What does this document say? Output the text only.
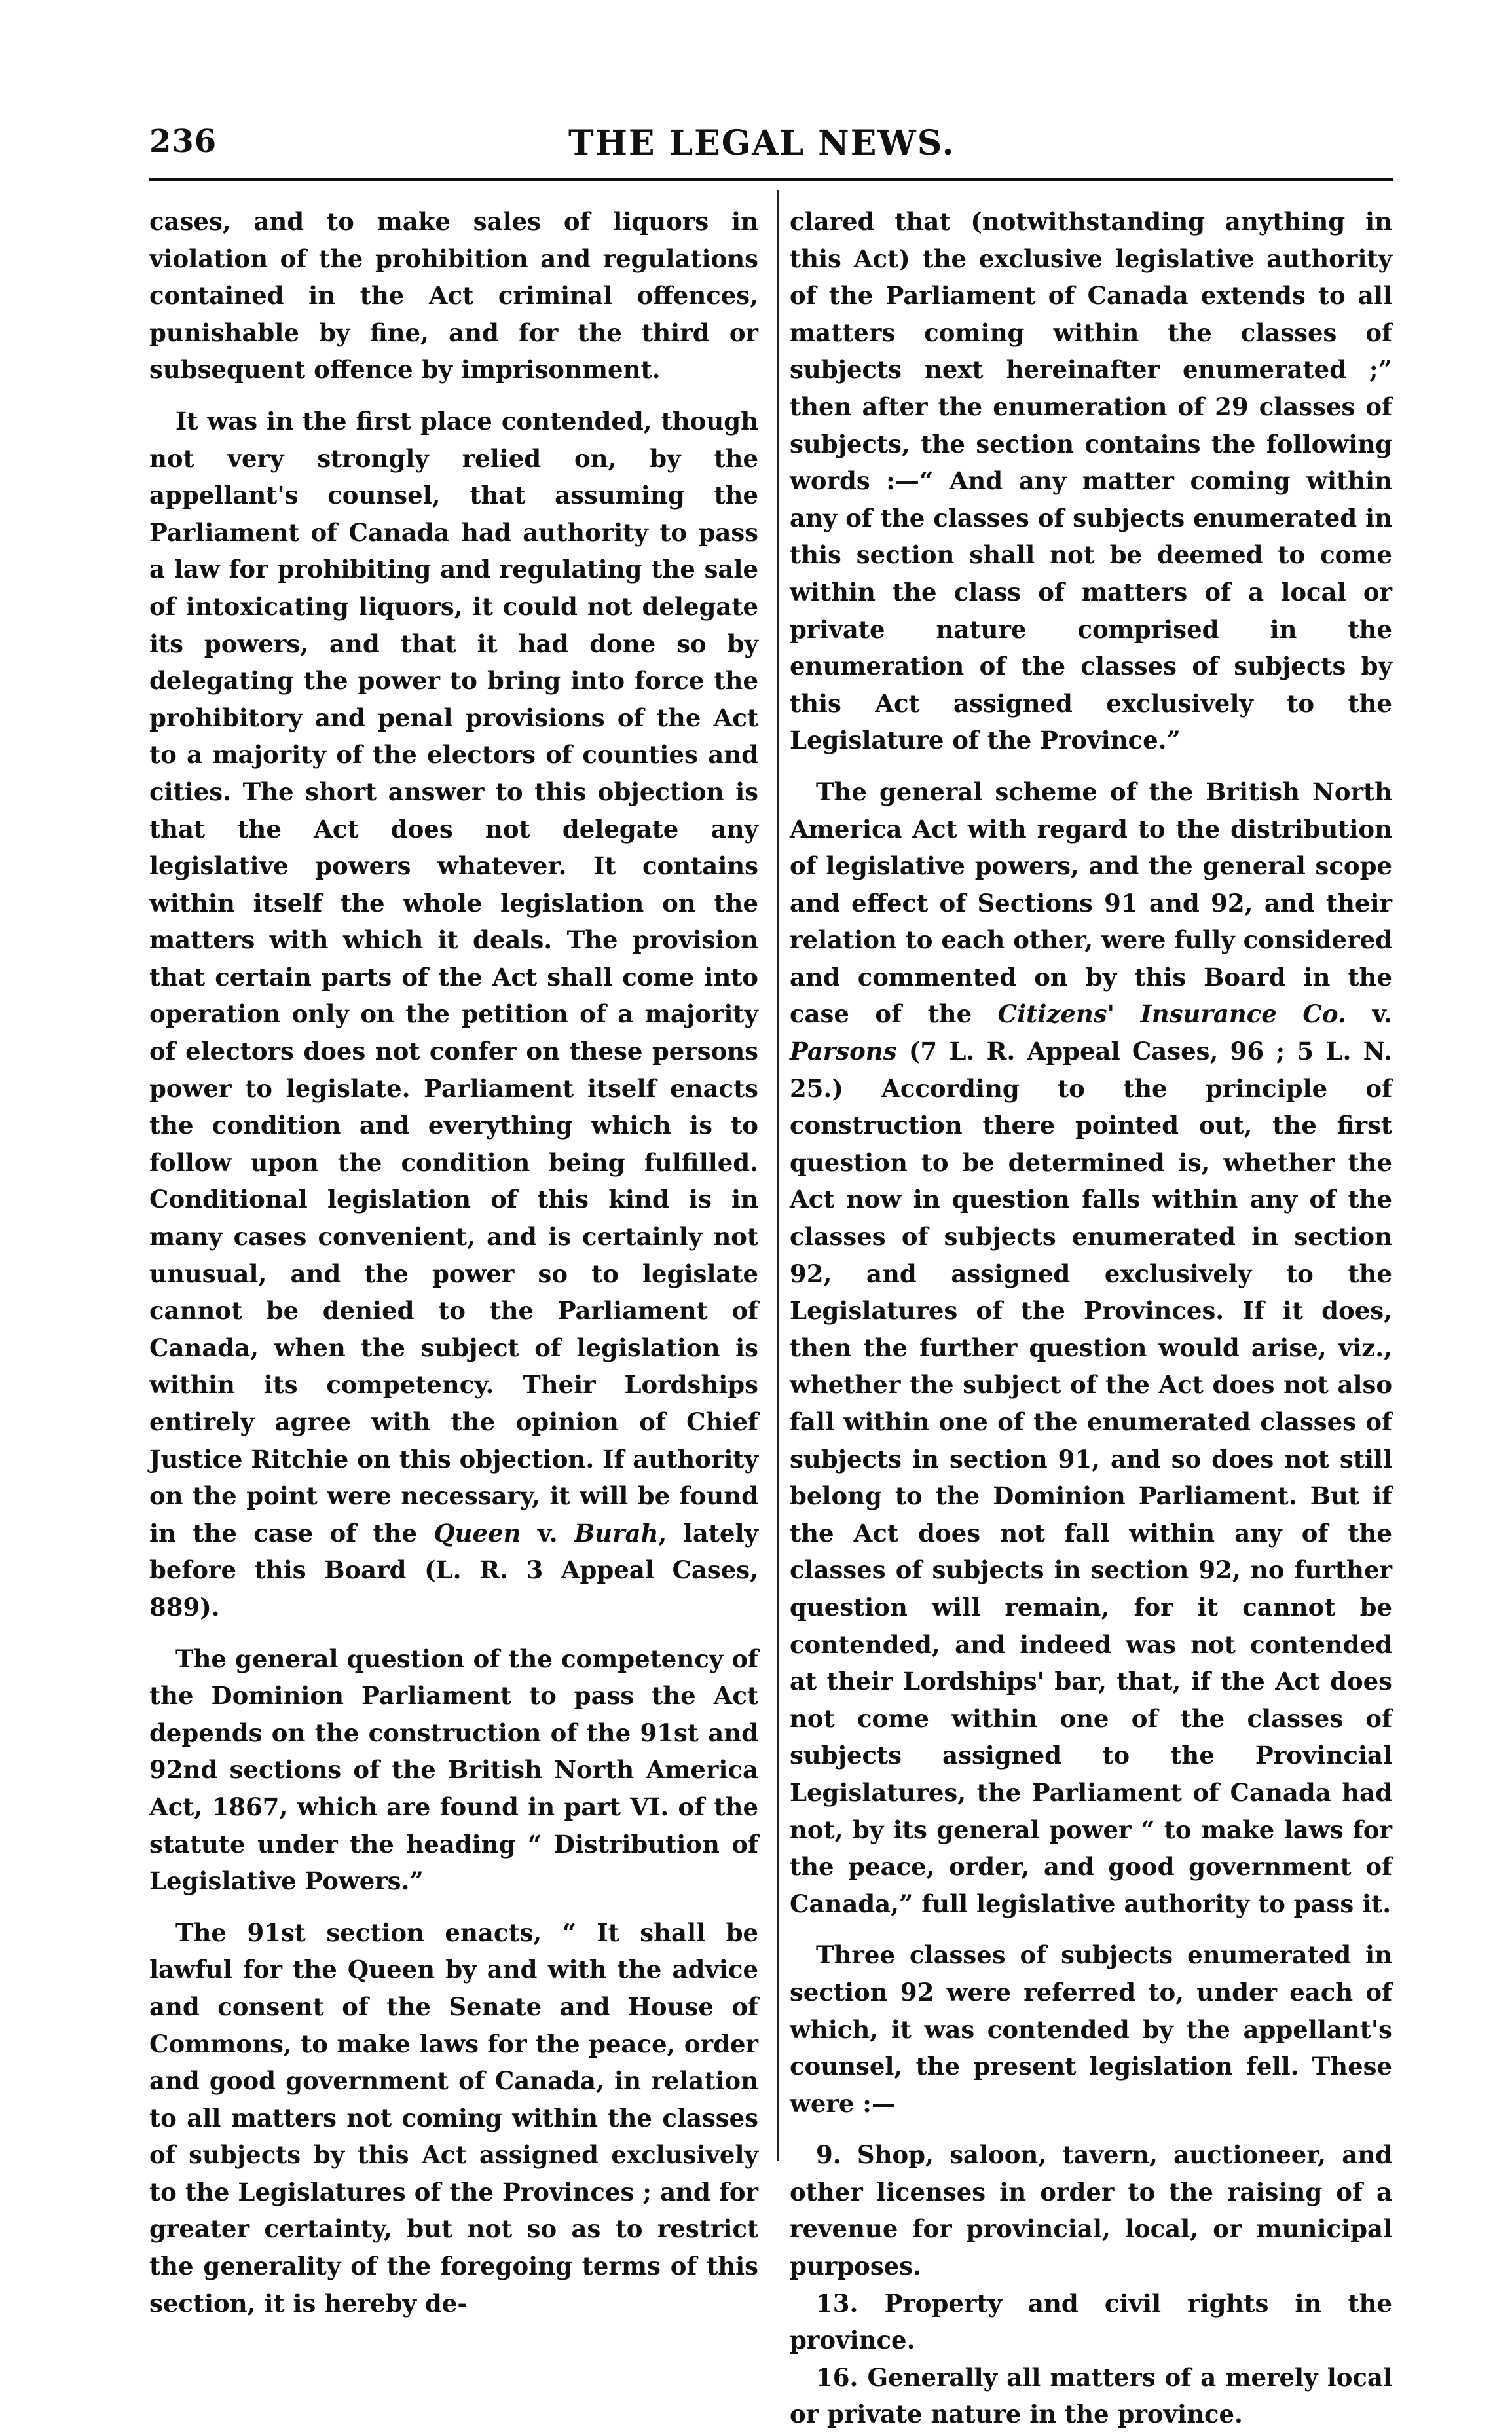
236	THE LEGAL NEWS.

cases, and to make sales of liquors in violation of the prohibition and regulations contained in the Act criminal offences, punishable by fine, and for the third or subsequent offence by imprisonment.

It was in the first place contended, though not very strongly relied on, by the appellant's counsel, that assuming the Parliament of Canada had authority to pass a law for prohibiting and regulating the sale of intoxicating liquors, it could not delegate its powers, and that it had done so by delegating the power to bring into force the prohibitory and penal provisions of the Act to a majority of the electors of counties and cities. The short answer to this objection is that the Act does not delegate any legislative powers whatever. It contains within itself the whole legislation on the matters with which it deals. The provision that certain parts of the Act shall come into operation only on the petition of a majority of electors does not confer on these persons power to legislate. Parliament itself enacts the condition and everything which is to follow upon the condition being fulfilled. Conditional legislation of this kind is in many cases convenient, and is certainly not unusual, and the power so to legislate cannot be denied to the Parliament of Canada, when the subject of legislation is within its competency. Their Lordships entirely agree with the opinion of Chief Justice Ritchie on this objection. If authority on the point were necessary, it will be found in the case of the Queen v. Burah, lately before this Board (L. R. 3 Appeal Cases, 889).

The general question of the competency of the Dominion Parliament to pass the Act depends on the construction of the 91st and 92nd sections of the British North America Act, 1867, which are found in part VI. of the statute under the heading “ Distribution of Legislative Powers.”

The 91st section enacts, “ It shall be lawful for the Queen by and with the advice and consent of the Senate and House of Commons, to make laws for the peace, order and good government of Canada, in relation to all matters not coming within the classes of subjects by this Act assigned exclusively to the Legislatures of the Provinces ; and for greater certainty, but not so as to restrict the generality of the foregoing terms of this section, it is hereby de-

clared that (notwithstanding anything in this Act) the exclusive legislative authority of the Parliament of Canada extends to all matters coming within the classes of subjects next hereinafter enumerated ;” then after the enumeration of 29 classes of subjects, the section contains the following words :—“ And any matter coming within any of the classes of subjects enumerated in this section shall not be deemed to come within the class of matters of a local or private nature comprised in the enumeration of the classes of subjects by this Act assigned exclusively to the Legislature of the Province.”

The general scheme of the British North America Act with regard to the distribution of legislative powers, and the general scope and effect of Sections 91 and 92, and their relation to each other, were fully considered and commented on by this Board in the case of the Citizens' Insurance Co. v. Parsons (7 L. R. Appeal Cases, 96 ; 5 L. N. 25.) According to the principle of construction there pointed out, the first question to be determined is, whether the Act now in question falls within any of the classes of subjects enumerated in section 92, and assigned exclusively to the Legislatures of the Provinces. If it does, then the further question would arise, viz., whether the subject of the Act does not also fall within one of the enumerated classes of subjects in section 91, and so does not still belong to the Dominion Parliament. But if the Act does not fall within any of the classes of subjects in section 92, no further question will remain, for it cannot be contended, and indeed was not contended at their Lordships' bar, that, if the Act does not come within one of the classes of subjects assigned to the Provincial Legislatures, the Parliament of Canada had not, by its general power “ to make laws for the peace, order, and good government of Canada,” full legislative authority to pass it.

Three classes of subjects enumerated in section 92 were referred to, under each of which, it was contended by the appellant's counsel, the present legislation fell. These were :—

9. Shop, saloon, tavern, auctioneer, and other licenses in order to the raising of a revenue for provincial, local, or municipal purposes.

13. Property and civil rights in the province.

16. Generally all matters of a merely local or private nature in the province.
